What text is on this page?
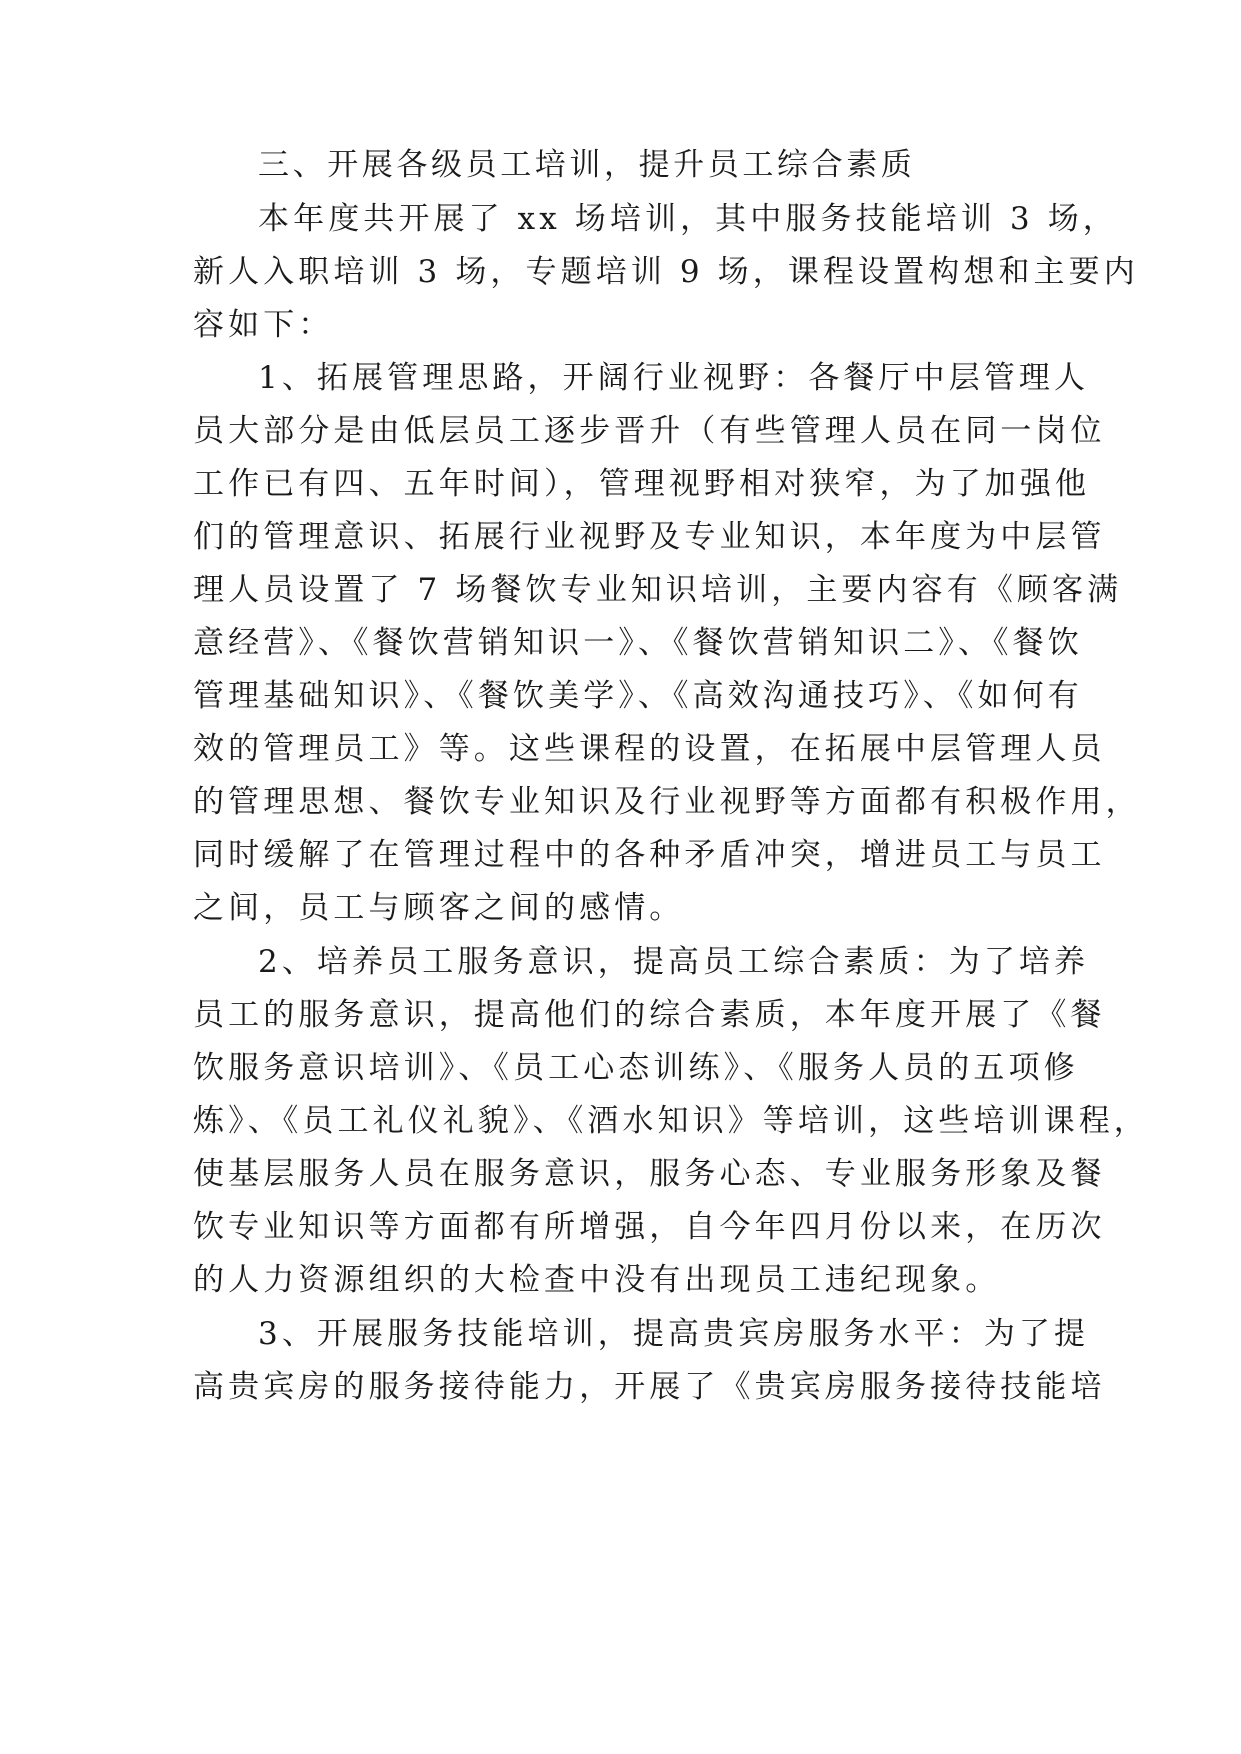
三、开展各级员工培训，提升员工综合素质
本年度共开展了 xx 场培训，其中服务技能培训 3 场，
新人入职培训 3 场，专题培训 9 场，课程设置构想和主要内
容如下：
1、拓展管理思路，开阔行业视野：各餐厅中层管理人
员大部分是由低层员工逐步晋升（有些管理人员在同一岗位
工作已有四、五年时间），管理视野相对狭窄，为了加强他
们的管理意识、拓展行业视野及专业知识，本年度为中层管
理人员设置了 7 场餐饮专业知识培训，主要内容有《顾客满
意经营》、《餐饮营销知识一》、《餐饮营销知识二》、《餐饮
管理基础知识》、《餐饮美学》、《高效沟通技巧》、《如何有
效的管理员工》等。这些课程的设置，在拓展中层管理人员
的管理思想、餐饮专业知识及行业视野等方面都有积极作用，
同时缓解了在管理过程中的各种矛盾冲突，增进员工与员工
之间，员工与顾客之间的感情。
2、培养员工服务意识，提高员工综合素质：为了培养
员工的服务意识，提高他们的综合素质，本年度开展了《餐
饮服务意识培训》、《员工心态训练》、《服务人员的五项修
炼》、《员工礼仪礼貌》、《酒水知识》等培训，这些培训课程，
使基层服务人员在服务意识，服务心态、专业服务形象及餐
饮专业知识等方面都有所增强，自今年四月份以来，在历次
的人力资源组织的大检查中没有出现员工违纪现象。
3、开展服务技能培训，提高贵宾房服务水平：为了提
高贵宾房的服务接待能力，开展了《贵宾房服务接待技能培
